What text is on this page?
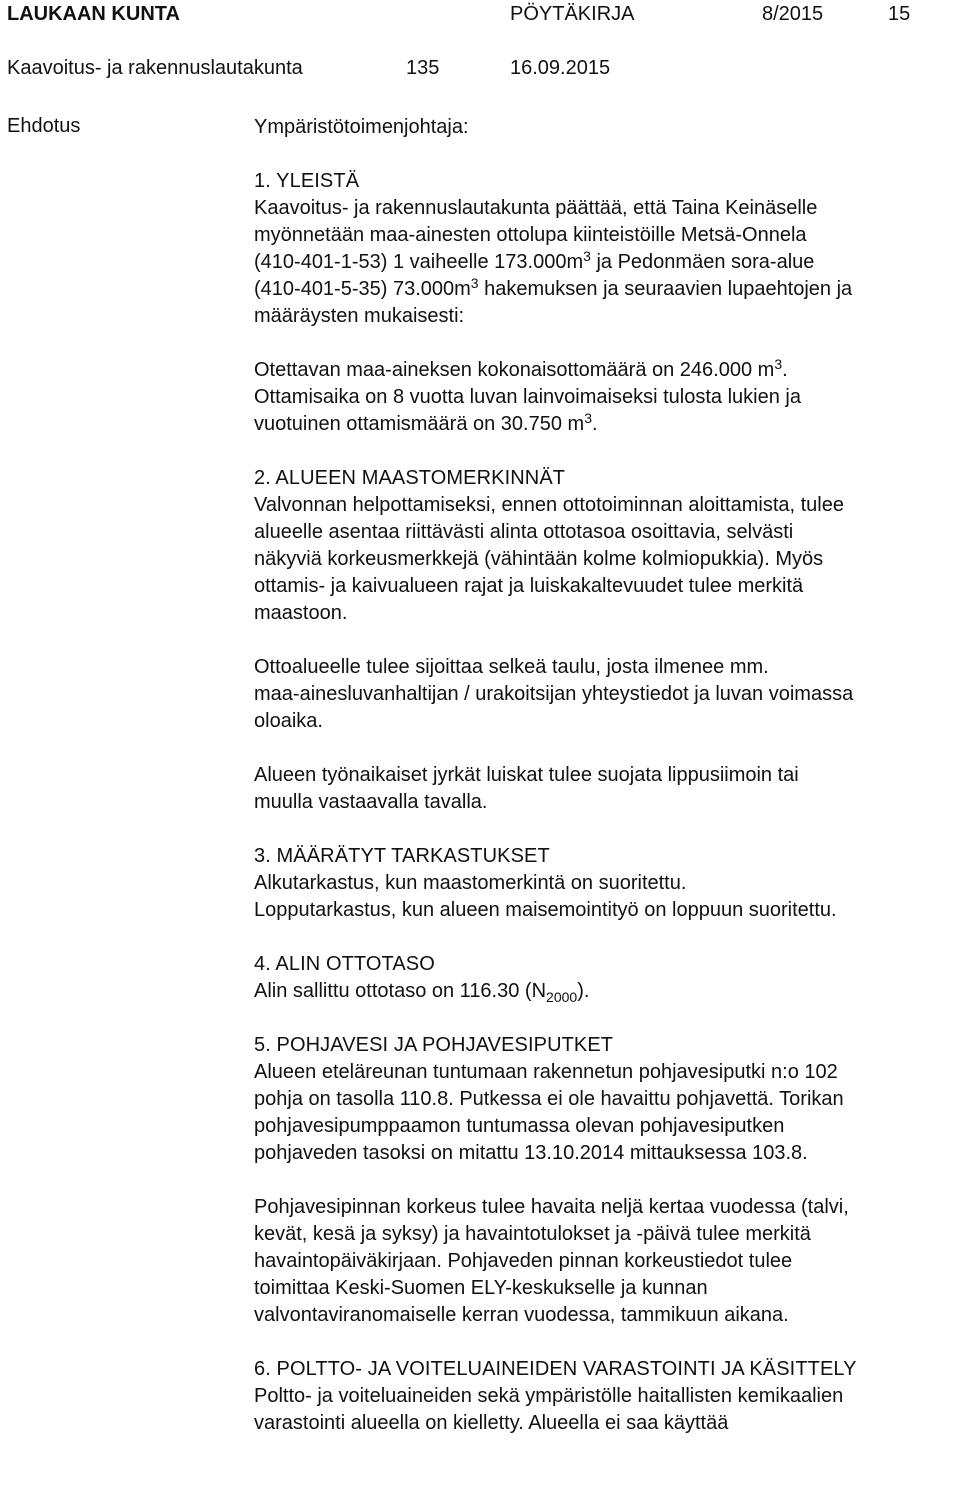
LAUKAAN KUNTA	PÖYTÄKIRJA	8/2015	15
Kaavoitus- ja rakennuslautakunta	135	16.09.2015
Ehdotus	Ympäristötoimenjohtaja:

1. YLEISTÄ

Kaavoitus- ja rakennuslautakunta päättää, että Taina Keinäselle

myönnetään maa-ainesten ottolupa kiinteistöille Metsä-Onnela

(410-401-1-53) 1 vaiheelle $173.000m^3$ ja Pedonmäen sora-alue

(410-401-5-35) $73.000m^3$ hakemuksen ja seuraavien lupaehtojen ja

määräysten mukaisesti:

Otettavan maa-aineksen kokonaisottomäärä on 246.000 $m^3$.

Ottamisaika on 8 vuotta luvan lainvoimaiseksi tulosta lukien ja

vuotuinen ottamismäärä on 30.750 $m^3$.

2. ALUEEN MAASTOMERKINNÄT

Valvonnan helpottamiseksi, ennen ottotoiminnan aloittamista, tulee

alueelle asentaa riittävästi alinta ottotasoa osoittavia, selvästi

näkyviä korkeusmerkkejä (vähintään kolme kolmiopukkia). Myös

ottamis- ja kaivualueen rajat ja luiskakaltevuudet tulee merkitä

maastoon.

Ottoalueelle tulee sijoittaa selkeä taulu, josta ilmenee mm.

maa-ainesluvanhaltijan / urakoitsijan yhteystiedot ja luvan voimassa

oloaika.

Alueen työnaikaiset jyrkät luiskat tulee suojata lippusiimoin tai

muulla vastaavalla tavalla.

3. MÄÄRÄTYT TARKASTUKSET

Alkutarkastus, kun maastomerkintä on suoritettu.

Lopputarkastus, kun alueen maisemointityö on loppuun suoritettu.

4. ALIN OTTOTASO

Alin sallittu ottotaso on 116.30 $(N_{2000})$.

5. POHJAVESI JA POHJAVESIPUTKET

Alueen eteläreunan tuntumaan rakennetun pohjavesiputki n:o 102

pohja on tasolla 110.8. Putkessa ei ole havaittu pohjavettä. Torikan

pohjavesipumppaamon tuntumassa olevan pohjavesiputken

pohjaveden tasoksi on mitattu 13.10.2014 mittauksessa 103.8.

Pohjavesipinnan korkeus tulee havaita neljä kertaa vuodessa (talvi,

kevät, kesä ja syksy) ja havaintotulokset ja -päivä tulee merkitä

havaintopäiväkirjaan. Pohjaveden pinnan korkeustiedot tulee

toimittaa Keski-Suomen ELY-keskukselle ja kunnan

valvontaviranomaiselle kerran vuodessa, tammikuun aikana.

6. POLTTO- JA VOITELUAINEIDEN VARASTOINTI JA KÄSITTELY

Poltto- ja voiteluaineiden sekä ympäristölle haitallisten kemikaalien

varastointi alueella on kielletty. Alueella ei saa käyttää
